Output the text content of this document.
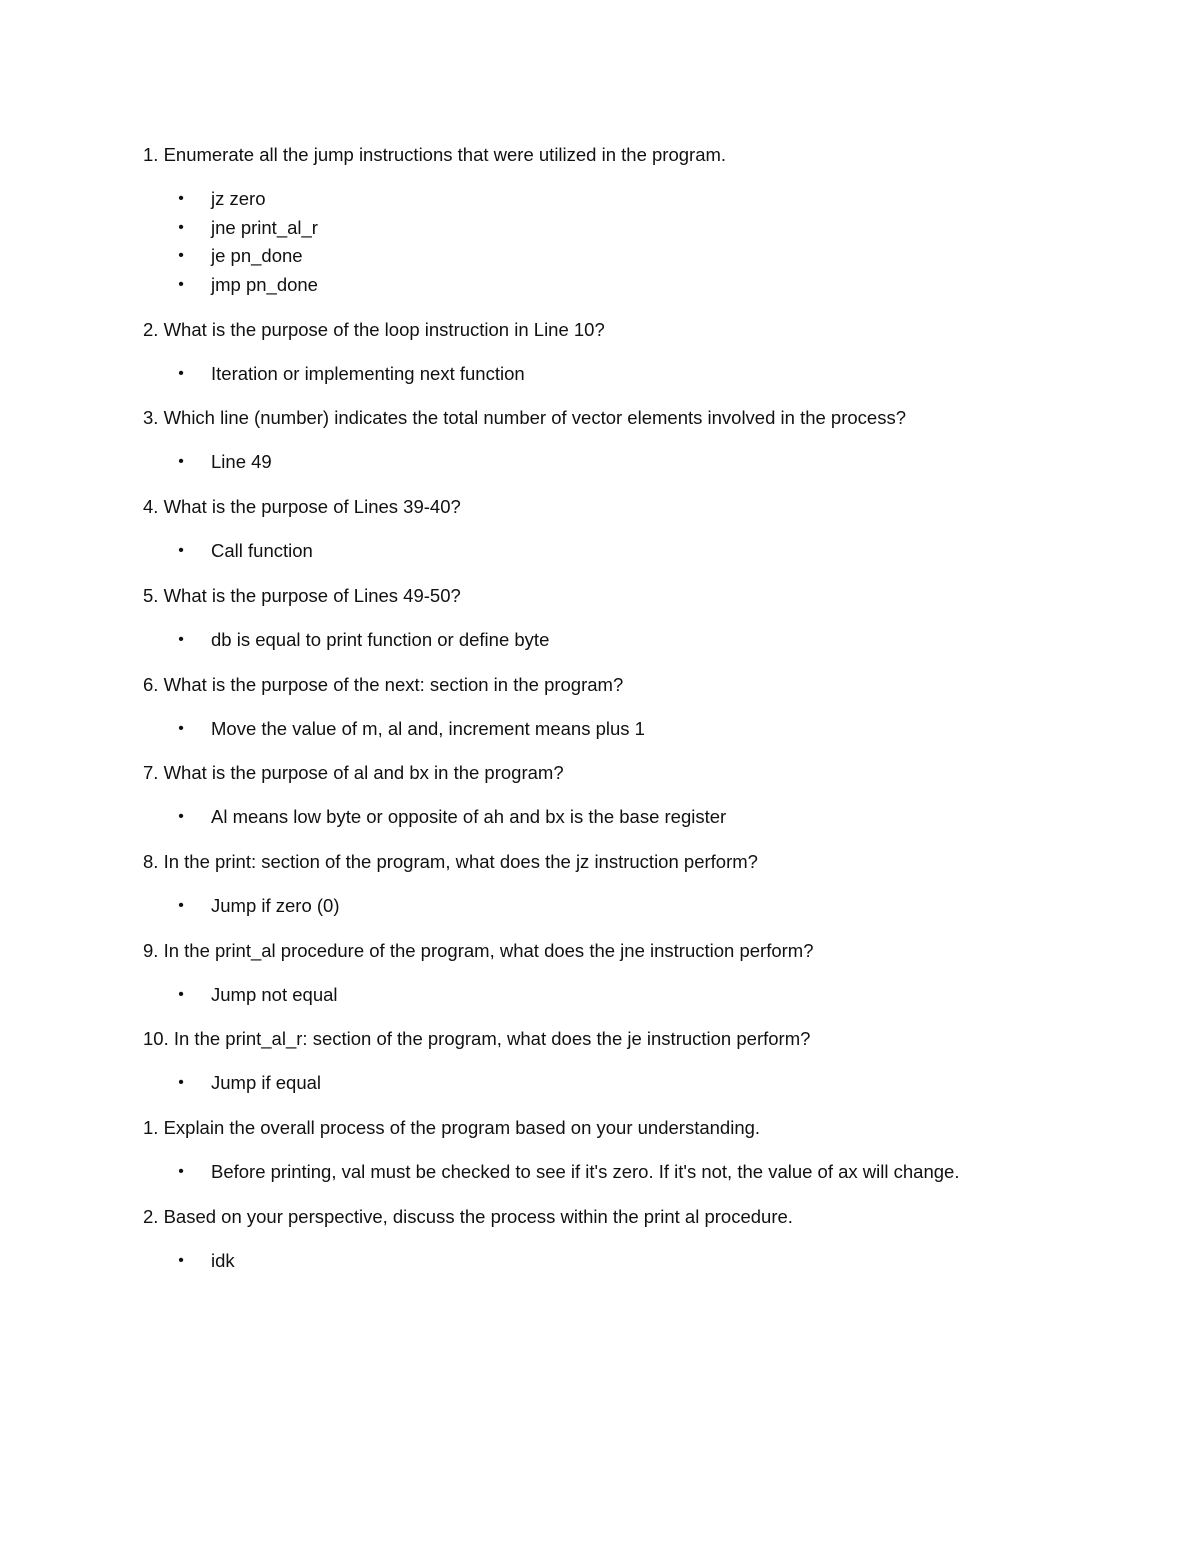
1. Enumerate all the jump instructions that were utilized in the program.
• jz zero
• jne print_al_r
• je pn_done
• jmp pn_done
2. What is the purpose of the loop instruction in Line 10?
• Iteration or implementing next function
3. Which line (number) indicates the total number of vector elements involved in the process?
• Line 49
4. What is the purpose of Lines 39-40?
• Call function
5. What is the purpose of Lines 49-50?
• db is equal to print function or define byte
6. What is the purpose of the next: section in the program?
• Move the value of m, al and, increment means plus 1
7. What is the purpose of al and bx in the program?
• Al means low byte or opposite of ah and bx is the base register
8. In the print: section of the program, what does the jz instruction perform?
• Jump if zero (0)
9. In the print_al procedure of the program, what does the jne instruction perform?
• Jump not equal
10. In the print_al_r: section of the program, what does the je instruction perform?
• Jump if equal
1. Explain the overall process of the program based on your understanding.
• Before printing, val must be checked to see if it's zero. If it's not, the value of ax will change.
2. Based on your perspective, discuss the process within the print al procedure.
• idk
